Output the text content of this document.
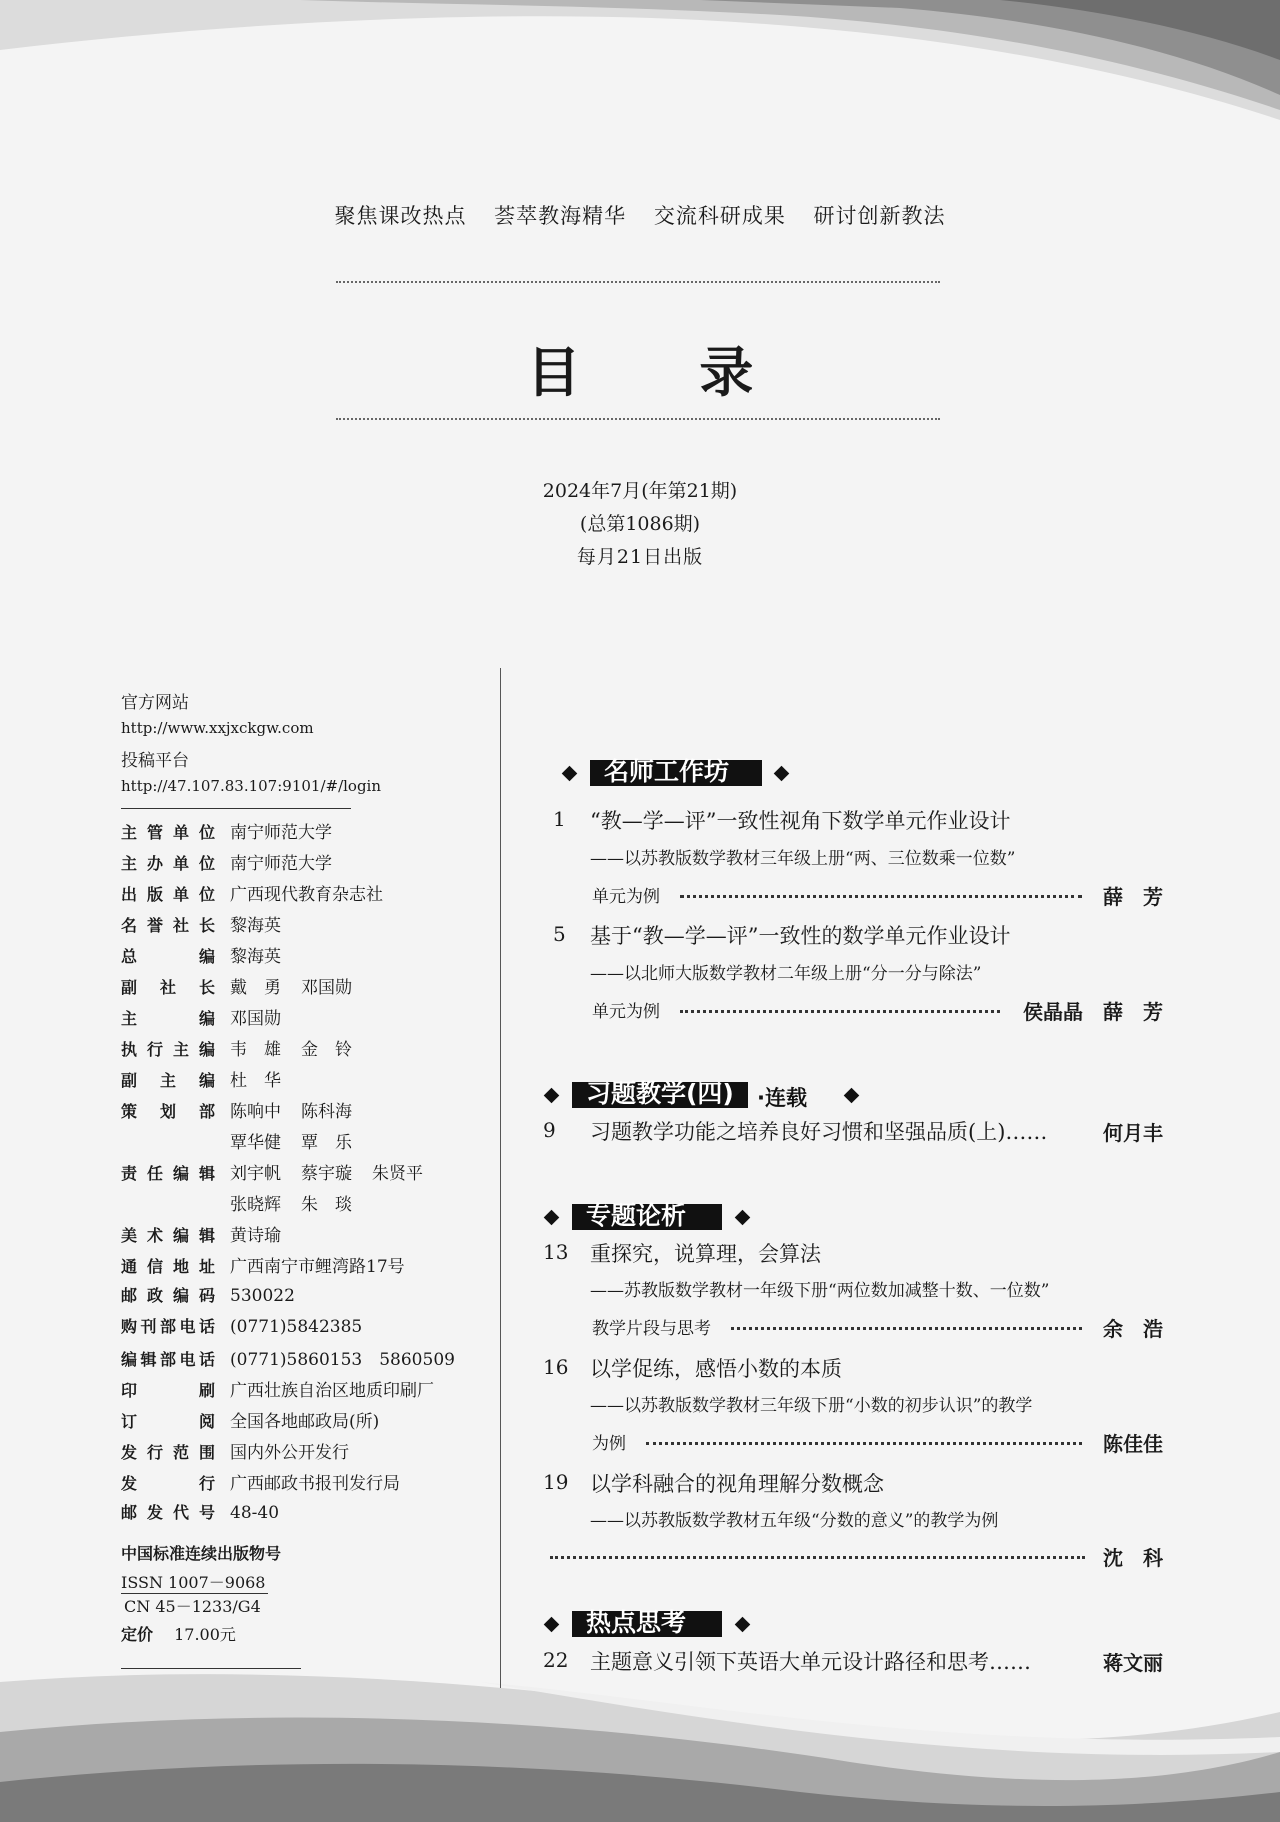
聚焦课改热点 荟萃教海精华 交流科研成果 研讨创新教法
目 录
2024年7月(年第21期)
(总第1086期)
每月21日出版
官方网站
http://www.xxjxckgw.com
投稿平台
http://47.107.83.107:9101/#/login
主管单位 南宁师范大学
主办单位 南宁师范大学
出版单位 广西现代教育杂志社
名誉社长 黎海英
总编 黎海英
副社长 戴　勇 邓国勋
主编 邓国勋
执行主编 韦　雄 金　铃
副主编 杜　华
策划部 陈响中 陈科海
覃华健 覃　乐
责任编辑 刘宇帆 蔡宇璇 朱贤平
张晓辉 朱　琰
美术编辑 黄诗瑜
通信地址 广西南宁市鲤湾路17号
邮政编码 530022
购刊部电话 (0771)5842385
编辑部电话 (0771)5860153　5860509
印刷 广西壮族自治区地质印刷厂
订阅 全国各地邮政局(所)
发行范围 国内外公开发行
发行 广西邮政书报刊发行局
邮发代号 48-40
中国标准连续出版物号
ISSN 1007－9068
CN 45－1233/G4
定价 17.00元
名师工作坊
1 “教—学—评”一致性视角下数学单元作业设计
——以苏教版数学教材三年级上册“两、三位数乘一位数”
单元为例	薛　芳
5 基于“教—学—评”一致性的数学单元作业设计
——以北师大版数学教材二年级上册“分一分与除法”
单元为例	侯晶晶　薛　芳
习题教学(四)	·连载
9 习题教学功能之培养良好习惯和坚强品质(上)……	何月丰
专题论析
13 重探究，说算理，会算法
——苏教版数学教材一年级下册“两位数加减整十数、一位数”
教学片段与思考	余　浩
16 以学促练，感悟小数的本质
——以苏教版数学教材三年级下册“小数的初步认识”的教学
为例	陈佳佳
19 以学科融合的视角理解分数概念
——以苏教版数学教材五年级“分数的意义”的教学为例
沈　科
热点思考
22 主题意义引领下英语大单元设计路径和思考……	蒋文丽
